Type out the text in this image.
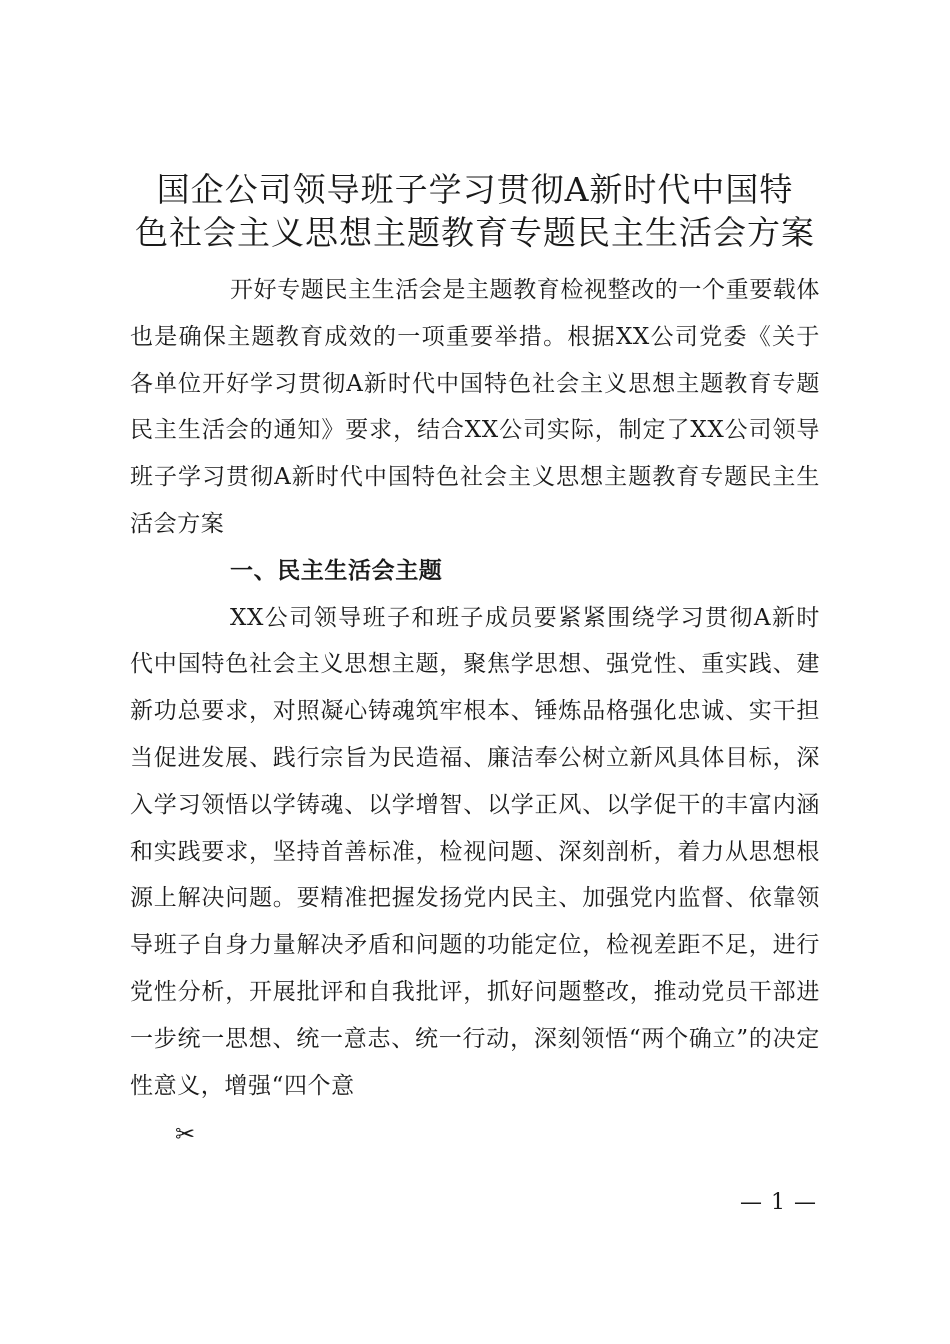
国企公司领导班子学习贯彻A新时代中国特
色社会主义思想主题教育专题民主生活会方案

开好专题民主生活会是主题教育检视整改的一个重要载体也是确保主题教育成效的一项重要举措。根据XX公司党委《关于各单位开好学习贯彻A新时代中国特色社会主义思想主题教育专题民主生活会的通知》要求，结合XX公司实际，制定了XX公司领导班子学习贯彻A新时代中国特色社会主义思想主题教育专题民主生活会方案

一、民主生活会主题

XX公司领导班子和班子成员要紧紧围绕学习贯彻A新时代中国特色社会主义思想主题，聚焦学思想、强党性、重实践、建新功总要求，对照凝心铸魂筑牢根本、锤炼品格强化忠诚、实干担当促进发展、践行宗旨为民造福、廉洁奉公树立新风具体目标，深入学习领悟以学铸魂、以学增智、以学正风、以学促干的丰富内涵和实践要求，坚持首善标准，检视问题、深刻剖析，着力从思想根源上解决问题。要精准把握发扬党内民主、加强党内监督、依靠领导班子自身力量解决矛盾和问题的功能定位，检视差距不足，进行党性分析，开展批评和自我批评，抓好问题整改，推动党员干部进一步统一思想、统一意志、统一行动，深刻领悟“两个确立”的决定性意义，增强“四个意

✂
— 1 —
